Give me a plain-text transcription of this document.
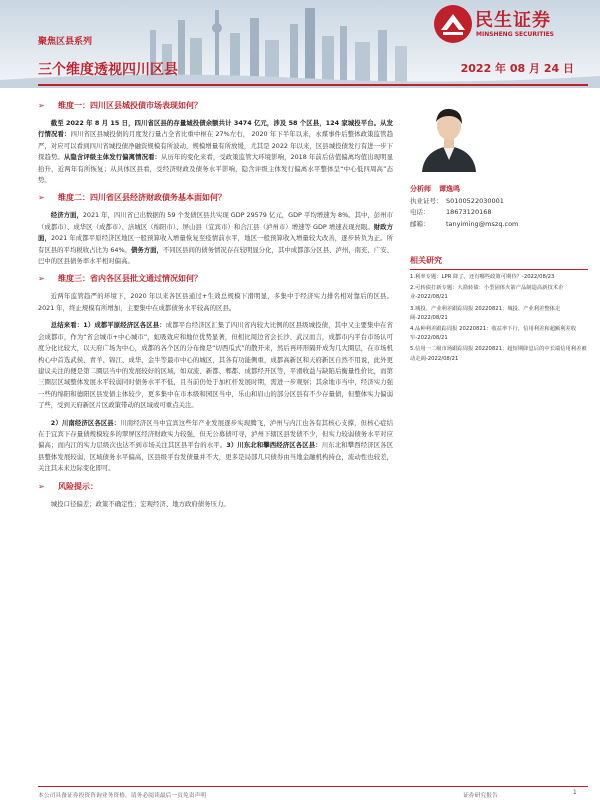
聚焦区县系列
三个维度透视四川区县	2022 年 08 月 24 日
民生证券
MINSHENG SECURITIES
➢ 维度一：四川区县城投债市场表现如何？
截至 2022 年 8 月 15 日，四川省区县的存量城投债余额共计 3474 亿元，涉及 58 个区县，124 家城投平台。从发行情况看：四川省区县城投债的月度发行量占全省比重中枢在 27%左右， 2020 年下半年以来，永煤事件后整体政策监管趋严，对应可以看到四川省城投债净融资规模有所波动，规模增量有所放缓，尤其是 2022 年以来，区县城投债发行有进一步下探趋势。从隐含评级主体发行偏离情况看：从历年的变化来看，受政策监管大环境影响，2018 年前后估值偏离均值出现明显抬升，近两年有所恢复；从具体区县看，受经济财政及债务水平影响，隐含评级主体发行偏离水平整体呈“中心低四周高”态势。
➢ 维度二：四川省区县经济财政债务基本面如何？
经济方面，2021 年，四川省已出数据的 59 个发债区县共实现 GDP 29579 亿元，GDP 平均增速为 8%。其中，彭州市（成都市）、成华区（成都市）、涪城区（绵阳市）、屏山县（宜宾市）和合江县（泸州市）增速等 GDP 增速表现亮眼。财政方面，2021 年成都平原经济区地区一般预算收入增量恢复至疫情前水平，地区一般预算收入增量较大改善，逐步转负为正。所有区县的平均税收占比为 64%。债务方面，不同区县间的债务情况存在较明显分化，其中成都部分区县、泸州、南充、广安、巴中的区县债务率水平相对偏高。
➢ 维度三：省内各区县批文通过情况如何？
近两年监管趋严的环境下，2020 年以来各区县通过+生效总规模下滑明显，多集中于经济实力排名相对靠后的区县。2021 年，终止规模有所增加，主要集中在成都债务水平较高的区县。
总结来看：1）成都平原经济区各区县：成都平台经济区汇集了四川省内较大比例的区县级城投债，其中又主要集中在省会成都市，作为“省会城市+中心城市”，虹吸效应和地位优势显著，但相比周边省会长沙、武汉而言，成都市内平台市场认可度分化比较大，以天府广场为中心，成都的各个区的分布像是“切西瓜式”的散开来，然后再环形隔开成为几大圈层，在市场机构心中首选武侯、青羊、锦江、成华、金牛等最市中心的城区，其各有功能侧重，成都高新区和天府新区自然不用说，此外更建议关注的便是第二圈层当中的发展较好的区域，如双流、新都、郫都、成都经开区等，平滑收益与缺陷后衡量性价比，而第三圈层区域整体发展水平较弱同时债务水平不低，且当前仍处于加杠杆发展时期，需进一步观察；其余地市当中，经济实力强一些的绵阳和德阳区县发债主体较少，更多集中在市本级和园区当中，乐山和眉山的部分区县有不少存量债，但整体实力偏弱了些，受到天府新区片区政策带动的区域或可重点关注。
2）川南经济区各区县：川南经济区当中宜宾这些年产业发展逐步实现腾飞，泸州与内江也各有其核心支撑，但核心症结在于宜宾下存量债规模较多的翠屏区经济财政实力较强，但无公募债可寻，泸州下辖区县发债不少，但实力较弱债务水平对应偏高；而内江的实力层级次也达不到市场关注其区县平台的水平。3）川东北和攀西经济区各区县：川东北和攀西经济区各区县整体发展较弱，区域债务水平偏高，区县级平台发债量并不大，更多是局部几只债券由当地金融机构持仓，流动性也较差，关注其未来边际变化即可。
➢ 风险提示：
城投口径偏差；政策不确定性；宏观经济、地方政府债务压力。
分析师 谭逸鸣
执业证号： S0100522030001
电话：	18673120168
邮箱：	tanyiming@mszq.com
相关研究
1.利率专题：LPR 降了，还有哪些政策可期待？-2022/08/23
2.可转债打新专题：大箭转债：小型固体火箭产品制造高新技术企业-2022/08/21
3.城投、产业利差跟踪周报 20220821：城投、产业利差整体走阔-2022/08/21
4.品种利差跟踪周报 20220821：收益率下行，信用利差和超额利差收窄-2022/08/21
5.信用一二级市场跟踪周报 20220821：超短期降息后的中长端信用利差被动走阔-2022/08/21
本公司具备证券投资咨询业务资格，请务必阅读最后一页免责声明	证券研究报告	1
